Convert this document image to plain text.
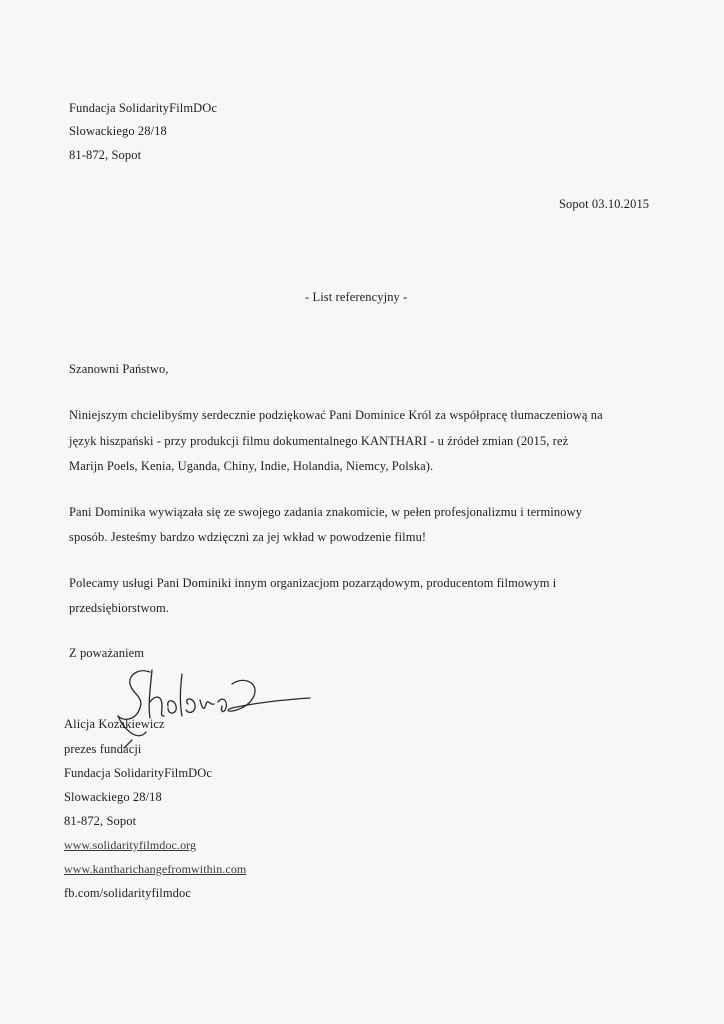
Fundacja SolidarityFilmDOc
Slowackiego 28/18
81-872, Sopot
Sopot 03.10.2015
- List referencyjny -
Szanowni Państwo,
Niniejszym chcielibyśmy serdecznie podziękować Pani Dominice Król za współpracę tłumaczeniową na
język hiszpański - przy produkcji filmu dokumentalnego KANTHARI - u źródeł zmian (2015, reż
Marijn Poels, Kenia, Uganda, Chiny, Indie, Holandia, Niemcy, Polska).
Pani Dominika wywiązała się ze swojego zadania znakomicie, w pełen profesjonalizmu i terminowy
sposób. Jesteśmy bardzo wdzięczni za jej wkład w powodzenie filmu!
Polecamy usługi Pani Dominiki innym organizacjom pozarządowym, producentom filmowym i
przedsiębiorstwom.
Z poważaniem
Alicja Kozakiewicz
prezes fundacji
Fundacja SolidarityFilmDOc
Slowackiego 28/18
81-872, Sopot
www.solidarityfilmdoc.org
www.kantharichangefromwithin.com
fb.com/solidarityfilmdoc
